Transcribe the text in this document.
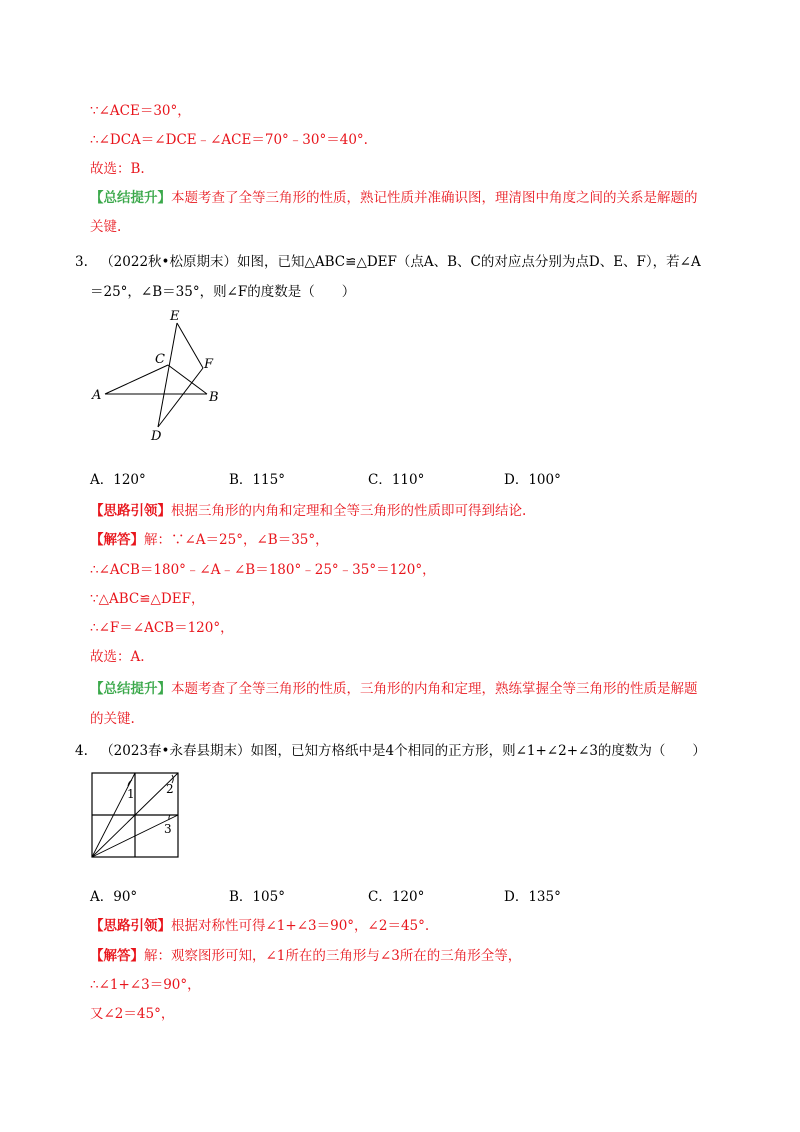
∵∠ACE＝30°，
∴∠DCA＝∠DCE﹣∠ACE＝70°﹣30°＝40°.
故选：B.
【总结提升】本题考查了全等三角形的性质，熟记性质并准确识图，理清图中角度之间的关系是解题的
关键.
3. （2022秋•松原期末）如图，已知△ABC≌△DEF（点A、B、C的对应点分别为点D、E、F），若∠A
＝25°，∠B＝35°，则∠F的度数是（　　）
A	B
C
D
E
F
A．120°	B．115°	C．110°	D．100°
【思路引领】根据三角形的内角和定理和全等三角形的性质即可得到结论.
【解答】解：∵∠A＝25°，∠B＝35°，
∴∠ACB＝180°﹣∠A﹣∠B＝180°﹣25°﹣35°＝120°，
∵△ABC≌△DEF，
∴∠F＝∠ACB＝120°，
故选：A.
【总结提升】本题考查了全等三角形的性质，三角形的内角和定理，熟练掌握全等三角形的性质是解题
的关键.
4. （2023春•永春县期末）如图，已知方格纸中是4个相同的正方形，则∠1+∠2+∠3的度数为（　　）
1	2
3
A．90°	B．105°	C．120°	D．135°
【思路引领】根据对称性可得∠1+∠3＝90°，∠2＝45°.
【解答】解：观察图形可知，∠1所在的三角形与∠3所在的三角形全等，
∴∠1+∠3＝90°，
又∠2＝45°，
